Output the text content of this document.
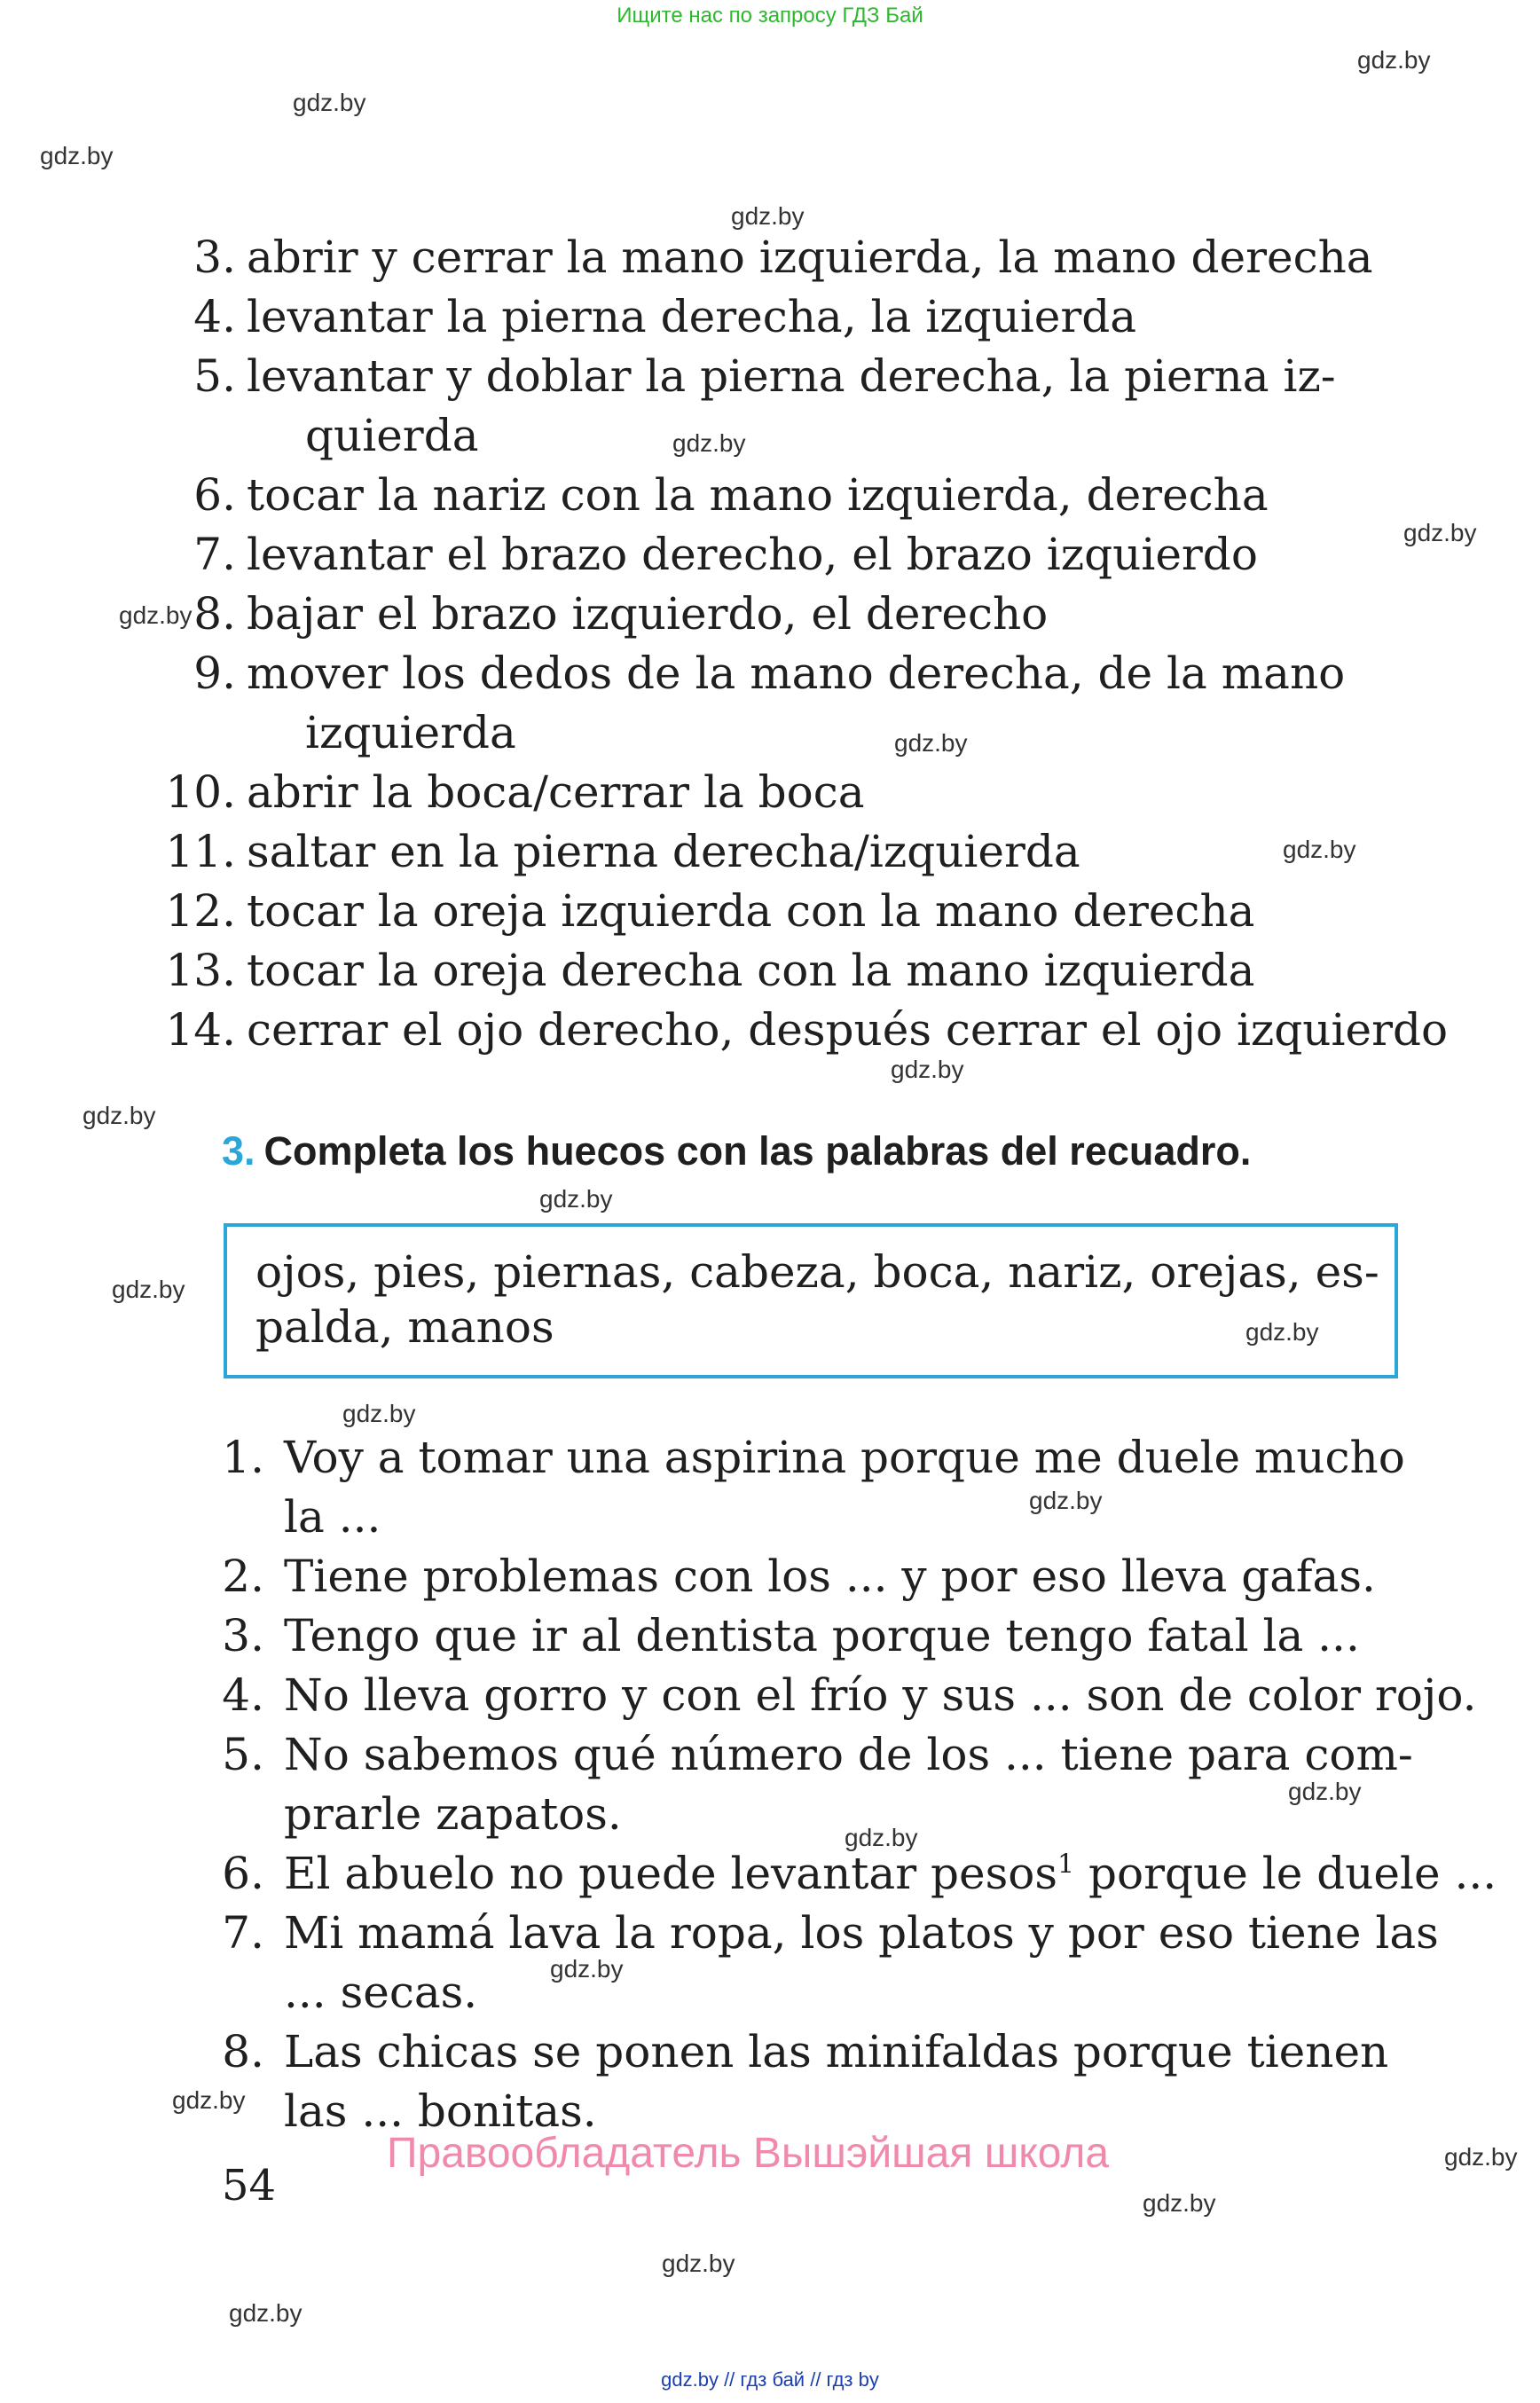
Ищите нас по запросу ГДЗ Бай
gdz.by
gdz.by
gdz.by
gdz.by
gdz.by
gdz.by
gdz.by
gdz.by
gdz.by
gdz.by
gdz.by
gdz.by
gdz.by
gdz.by
gdz.by
gdz.by
gdz.by
gdz.by
gdz.by
gdz.by
gdz.by
gdz.by
gdz.by
gdz.by
3. abrir y cerrar la mano izquierda, la mano derecha
4. levantar la pierna derecha, la izquierda
5. levantar y doblar la pierna derecha, la pierna iz-
quierda
6. tocar la nariz con la mano izquierda, derecha
7. levantar el brazo derecho, el brazo izquierdo
8. bajar el brazo izquierdo, el derecho
9. mover los dedos de la mano derecha, de la mano
izquierda
10. abrir la boca/cerrar la boca
11. saltar en la pierna derecha/izquierda
12. tocar la oreja izquierda con la mano derecha
13. tocar la oreja derecha con la mano izquierda
14. cerrar el ojo derecho, después cerrar el ojo izquierdo
3. Completa los huecos con las palabras del recuadro.
ojos, pies, piernas, cabeza, boca, nariz, orejas, es-palda, manos
1. Voy a tomar una aspirina porque me duele mucho
la ...
2. Tiene problemas con los ... y por eso lleva gafas.
3. Tengo que ir al dentista porque tengo fatal la ...
4. No lleva gorro y con el frío y sus ... son de color rojo.
5. No sabemos qué número de los ... tiene para com-
prarle zapatos.
6. El abuelo no puede levantar pesos$^1$ porque le duele ...
7. Mi mamá lava la ropa, los platos y por eso tiene las
... secas.
8. Las chicas se ponen las minifaldas porque tienen
las ... bonitas.
54
Правообладатель Вышэйшая школа
gdz.by // гдз бай // гдз by
